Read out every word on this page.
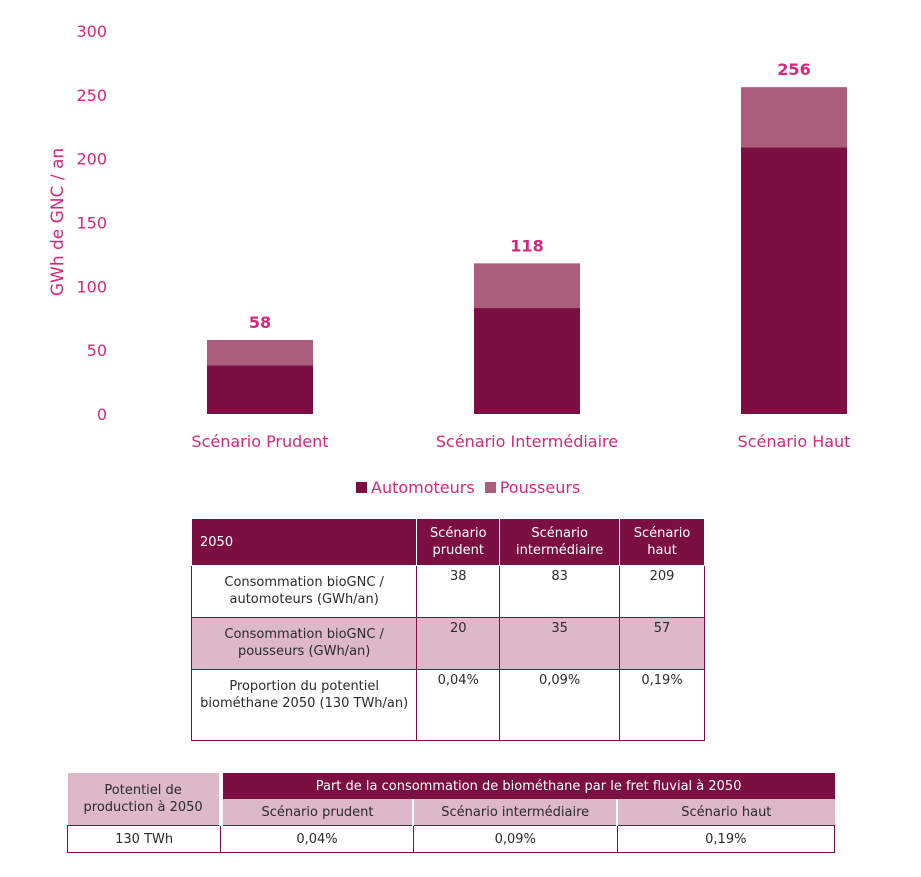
0
50
100
150
200
250
300
GWh de GNC / an
58
118
256
Scénario Prudent	Scénario Intermédiaire	Scénario Haut
Automoteurs Pousseurs
2050	Scénario prudent	Scénario intermédiaire	Scénario haut
Consommation bioGNC / automoteurs (GWh/an)	38	83	209
Consommation bioGNC / pousseurs (GWh/an)	20	35	57
Proportion du potentiel biométhane 2050 (130 TWh/an)	0,04%	0,09%	0,19%
Potentiel de production à 2050	Part de la consommation de biométhane par le fret fluvial à 2050		
	Scénario prudent	Scénario intermédiaire	Scénario haut
130 TWh	0,04%	0,09%	0,19%
